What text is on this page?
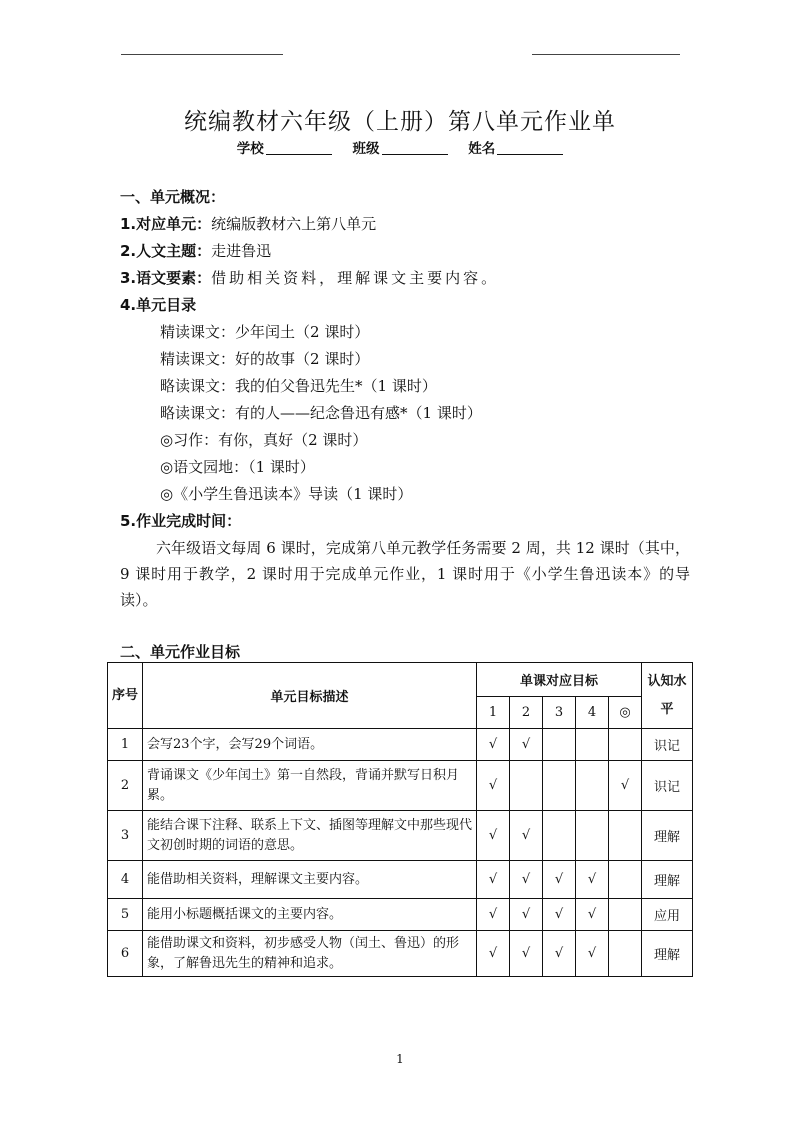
统编教材六年级（上册）第八单元作业单
学校	班级	姓名
一、单元概况：
1.对应单元：统编版教材六上第八单元
2.人文主题：走进鲁迅
3.语文要素：借助相关资料，理解课文主要内容。
4.单元目录
精读课文：少年闰土（2 课时）
精读课文：好的故事（2 课时）
略读课文：我的伯父鲁迅先生*（1 课时）
略读课文：有的人——纪念鲁迅有感*（1 课时）
◎习作：有你，真好（2 课时）
◎语文园地：（1 课时）
◎《小学生鲁迅读本》导读（1 课时）
5.作业完成时间：
六年级语文每周 6 课时，完成第八单元教学任务需要 2 周，共 12 课时（其中，9 课时用于教学，2 课时用于完成单元作业，1 课时用于《小学生鲁迅读本》的导读）。
二、单元作业目标
序号	单元目标描述	单课对应目标					认知水平
		1	2	3	4	◎	
1	会写23个字，会写29个词语。	√	√				识记
2	背诵课文《少年闰土》第一自然段，背诵并默写日积月累。	√				√	识记
3	能结合课下注释、联系上下文、插图等理解文中那些现代文初创时期的词语的意思。	√	√				理解
4	能借助相关资料，理解课文主要内容。	√	√	√	√		理解
5	能用小标题概括课文的主要内容。	√	√	√	√		应用
6	能借助课文和资料，初步感受人物（闰土、鲁迅）的形象，了解鲁迅先生的精神和追求。	√	√	√	√		理解
1
